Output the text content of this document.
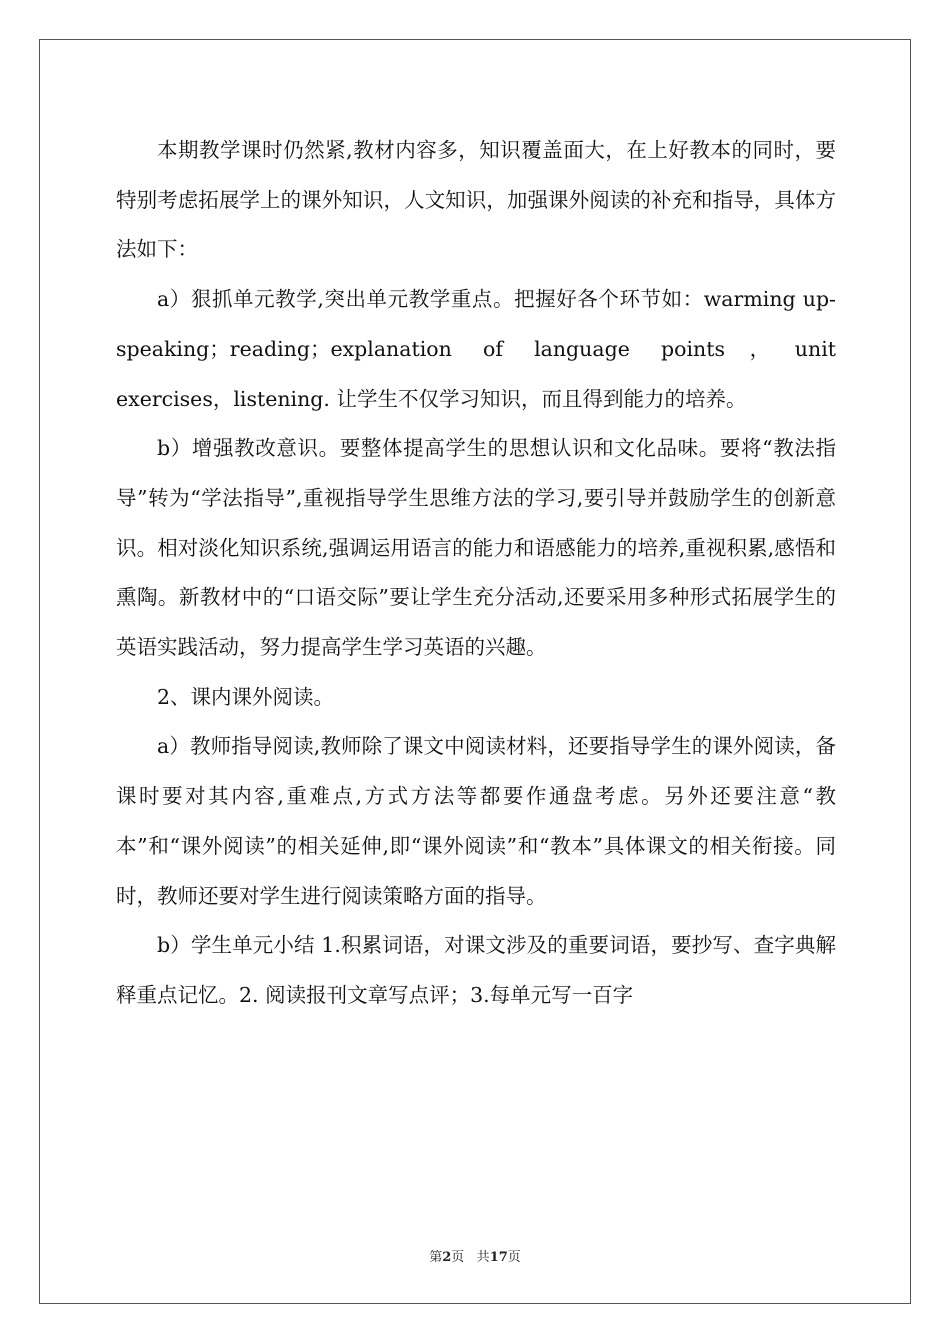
本期教学课时仍然紧,教材内容多，知识覆盖面大，在上好教本的同时，要特别考虑拓展学上的课外知识，人文知识，加强课外阅读的补充和指导，具体方法如下：

a）狠抓单元教学,突出单元教学重点。把握好各个环节如：warming up-speaking；reading；explanation of language points，unit exercises，listening. 让学生不仅学习知识，而且得到能力的培养。

b）增强教改意识。要整体提高学生的思想认识和文化品味。要将“教法指导”转为“学法指导”,重视指导学生思维方法的学习,要引导并鼓励学生的创新意识。相对淡化知识系统,强调运用语言的能力和语感能力的培养,重视积累,感悟和熏陶。新教材中的“口语交际”要让学生充分活动,还要采用多种形式拓展学生的英语实践活动，努力提高学生学习英语的兴趣。

2、课内课外阅读。

a）教师指导阅读,教师除了课文中阅读材料，还要指导学生的课外阅读，备课时要对其内容,重难点,方式方法等都要作通盘考虑。另外还要注意“教本”和“课外阅读”的相关延伸,即“课外阅读”和“教本”具体课文的相关衔接。同时，教师还要对学生进行阅读策略方面的指导。

b）学生单元小结 1.积累词语，对课文涉及的重要词语，要抄写、查字典解释重点记忆。2. 阅读报刊文章写点评；3.每单元写一百字

第2页 共17页
